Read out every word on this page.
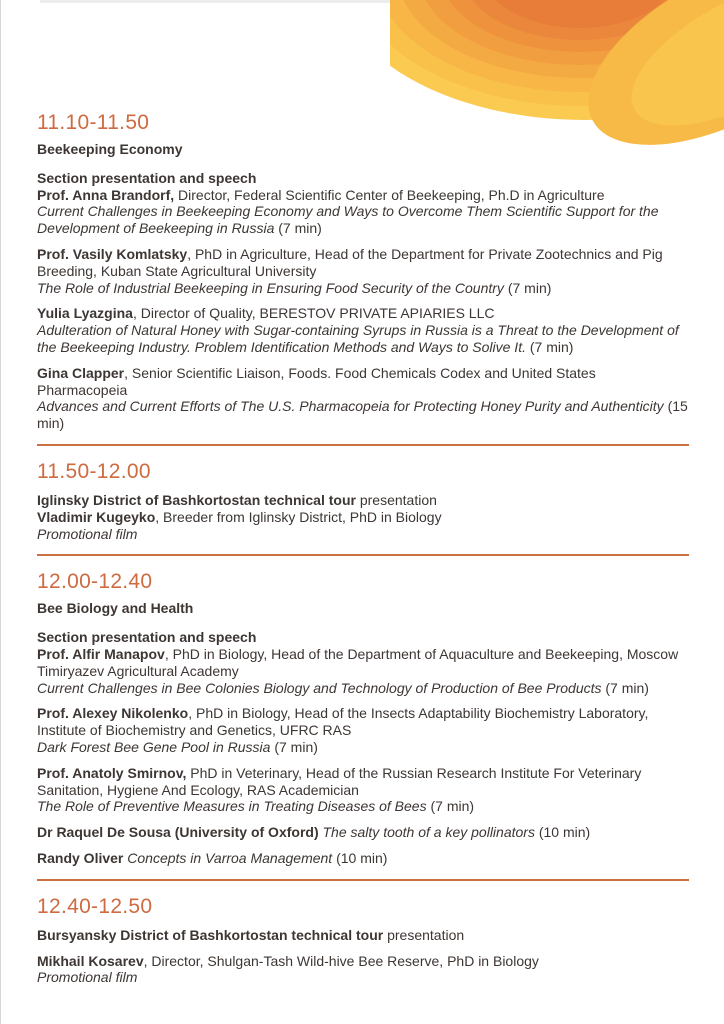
11.10-11.50

Beekeeping Economy

Section presentation and speech

Prof. Anna Brandorf, Director, Federal Scientific Center of Beekeeping, Ph.D in Agriculture
Current Challenges in Beekeeping Economy and Ways to Overcome Them Scientific Support for the Development of Beekeeping in Russia (7 min)

Prof. Vasily Komlatsky, PhD in Agriculture, Head of the Department for Private Zootechnics and Pig Breeding, Kuban State Agricultural University
The Role of Industrial Beekeeping in Ensuring Food Security of the Country (7 min)

Yulia Lyazgina, Director of Quality, BERESTOV PRIVATE APIARIES LLC
Adulteration of Natural Honey with Sugar-containing Syrups in Russia is a Threat to the Development of the Beekeeping Industry. Problem Identification Methods and Ways to Solive It. (7 min)

Gina Clapper, Senior Scientific Liaison, Foods. Food Chemicals Codex and United States Pharmacopeia
Advances and Current Efforts of The U.S. Pharmacopeia for Protecting Honey Purity and Authenticity (15 min)

11.50-12.00

Iglinsky District of Bashkortostan technical tour presentation
Vladimir Kugeyko, Breeder from Iglinsky District, PhD in Biology
Promotional film

12.00-12.40

Bee Biology and Health

Section presentation and speech

Prof. Alfir Manapov, PhD in Biology, Head of the Department of Aquaculture and Beekeeping, Moscow Timiryazev Agricultural Academy
Current Challenges in Bee Colonies Biology and Technology of Production of Bee Products (7 min)

Prof. Alexey Nikolenko, PhD in Biology, Head of the Insects Adaptability Biochemistry Laboratory, Institute of Biochemistry and Genetics, UFRC RAS
Dark Forest Bee Gene Pool in Russia (7 min)

Prof. Anatoly Smirnov, PhD in Veterinary, Head of the Russian Research Institute For Veterinary Sanitation, Hygiene And Ecology, RAS Academician
The Role of Preventive Measures in Treating Diseases of Bees (7 min)

Dr Raquel De Sousa (University of Oxford) The salty tooth of a key pollinators (10 min)

Randy Oliver Concepts in Varroa Management (10 min)

12.40-12.50

Bursyansky District of Bashkortostan technical tour presentation

Mikhail Kosarev, Director, Shulgan-Tash Wild-hive Bee Reserve, PhD in Biology
Promotional film
